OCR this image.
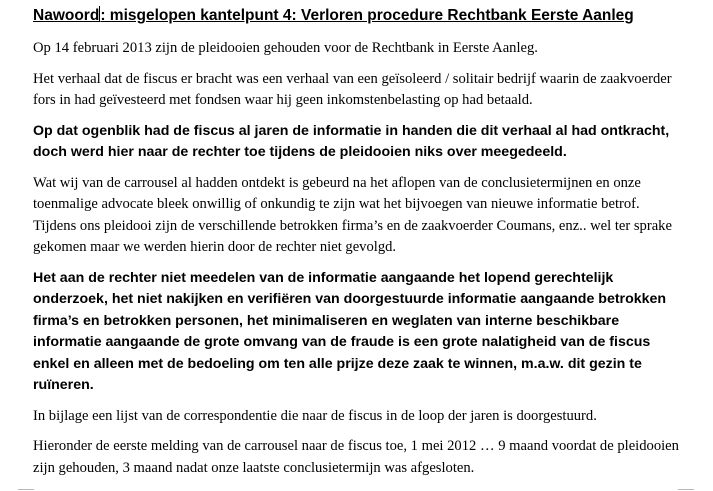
Nawoord: misgelopen kantelpunt 4: Verloren procedure Rechtbank Eerste Aanleg

Op 14 februari 2013 zijn de pleidooien gehouden voor de Rechtbank in Eerste Aanleg.

Het verhaal dat de fiscus er bracht was een verhaal van een geïsoleerd / solitair bedrijf waarin de zaakvoerder fors in had geïvesteerd met fondsen waar hij geen inkomstenbelasting op had betaald.

Op dat ogenblik had de fiscus al jaren de informatie in handen die dit verhaal al had ontkracht, doch werd hier naar de rechter toe tijdens de pleidooien niks over meegedeeld.

Wat wij van de carrousel al hadden ontdekt is gebeurd na het aflopen van de conclusietermijnen en onze toenmalige advocate bleek onwillig of onkundig te zijn wat het bijvoegen van nieuwe informatie betrof. Tijdens ons pleidooi zijn de verschillende betrokken firma’s en de zaakvoerder Coumans, enz.. wel ter sprake gekomen maar we werden hierin door de rechter niet gevolgd.

Het aan de rechter niet meedelen van de informatie aangaande het lopend gerechtelijk onderzoek, het niet nakijken en verifiëren van doorgestuurde informatie aangaande betrokken firma’s en betrokken personen, het minimaliseren en weglaten van interne beschikbare informatie aangaande de grote omvang van de fraude is een grote nalatigheid van de fiscus enkel en alleen met de bedoeling om ten alle prijze deze zaak te winnen, m.a.w. dit gezin te ruïneren.

In bijlage een lijst van de correspondentie die naar de fiscus in de loop der jaren is doorgestuurd.

Hieronder de eerste melding van de carrousel naar de fiscus toe, 1 mei 2012 … 9 maand voordat de pleidooien zijn gehouden, 3 maand nadat onze laatste conclusietermijn was afgesloten.
